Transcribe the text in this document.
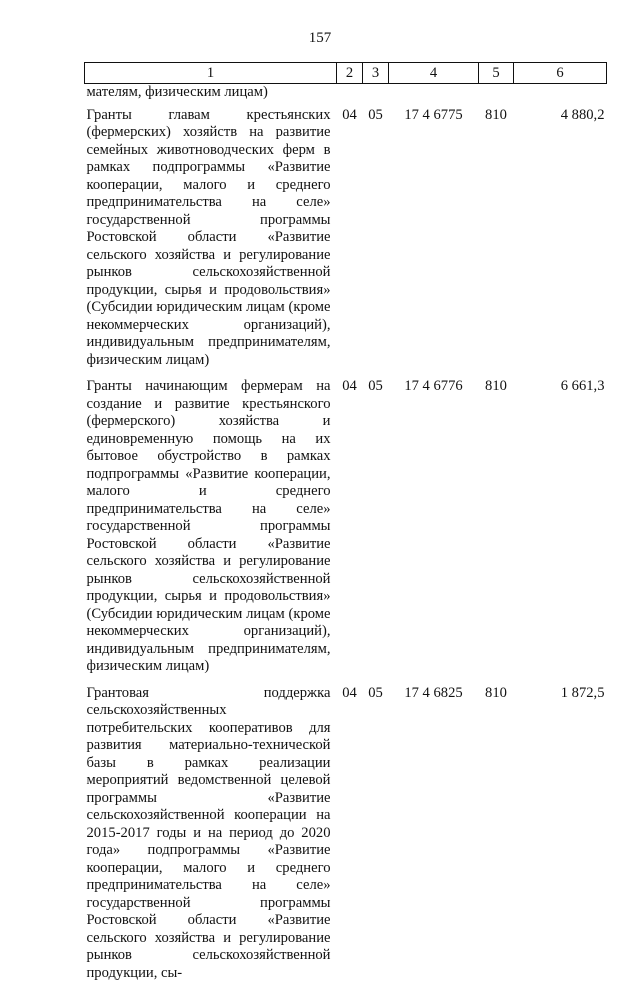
157
1	2	3	4	5	6
мателям, физическим лицам)					
Гранты главам крестьянских (фермерских) хозяйств на развитие семейных животноводческих ферм в рамках подпрограммы «Развитие кооперации, малого и среднего предпринимательства на селе» государственной программы Ростовской области «Развитие сельского хозяйства и регулирование рынков сельскохозяйственной продукции, сырья и продовольствия» (Субсидии юридическим лицам (кроме некоммерческих организаций), индивидуальным предпринимателям, физическим лицам)	04	05	17 4 6775	810	4 880,2
Гранты начинающим фермерам на создание и развитие крестьянского (фермерского) хозяйства и единовременную помощь на их бытовое обустройство в рамках подпрограммы «Развитие кооперации, малого и среднего предпринимательства на селе» государственной программы Ростовской области «Развитие сельского хозяйства и регулирование рынков сельскохозяйственной продукции, сырья и продовольствия» (Субсидии юридическим лицам (кроме некоммерческих организаций), индивидуальным предпринимателям, физическим лицам)	04	05	17 4 6776	810	6 661,3
Грантовая поддержка сельскохозяйственных потребительских кооперативов для развития материально-технической базы в рамках реализации мероприятий ведомственной целевой программы «Развитие сельскохозяйственной кооперации на 2015-2017 годы и на период до 2020 года» подпрограммы «Развитие кооперации, малого и среднего предпринимательства на селе» государственной программы Ростовской области «Развитие сельского хозяйства и регулирование рынков сельскохозяйственной продукции, сы-	04	05	17 4 6825	810	1 872,5
